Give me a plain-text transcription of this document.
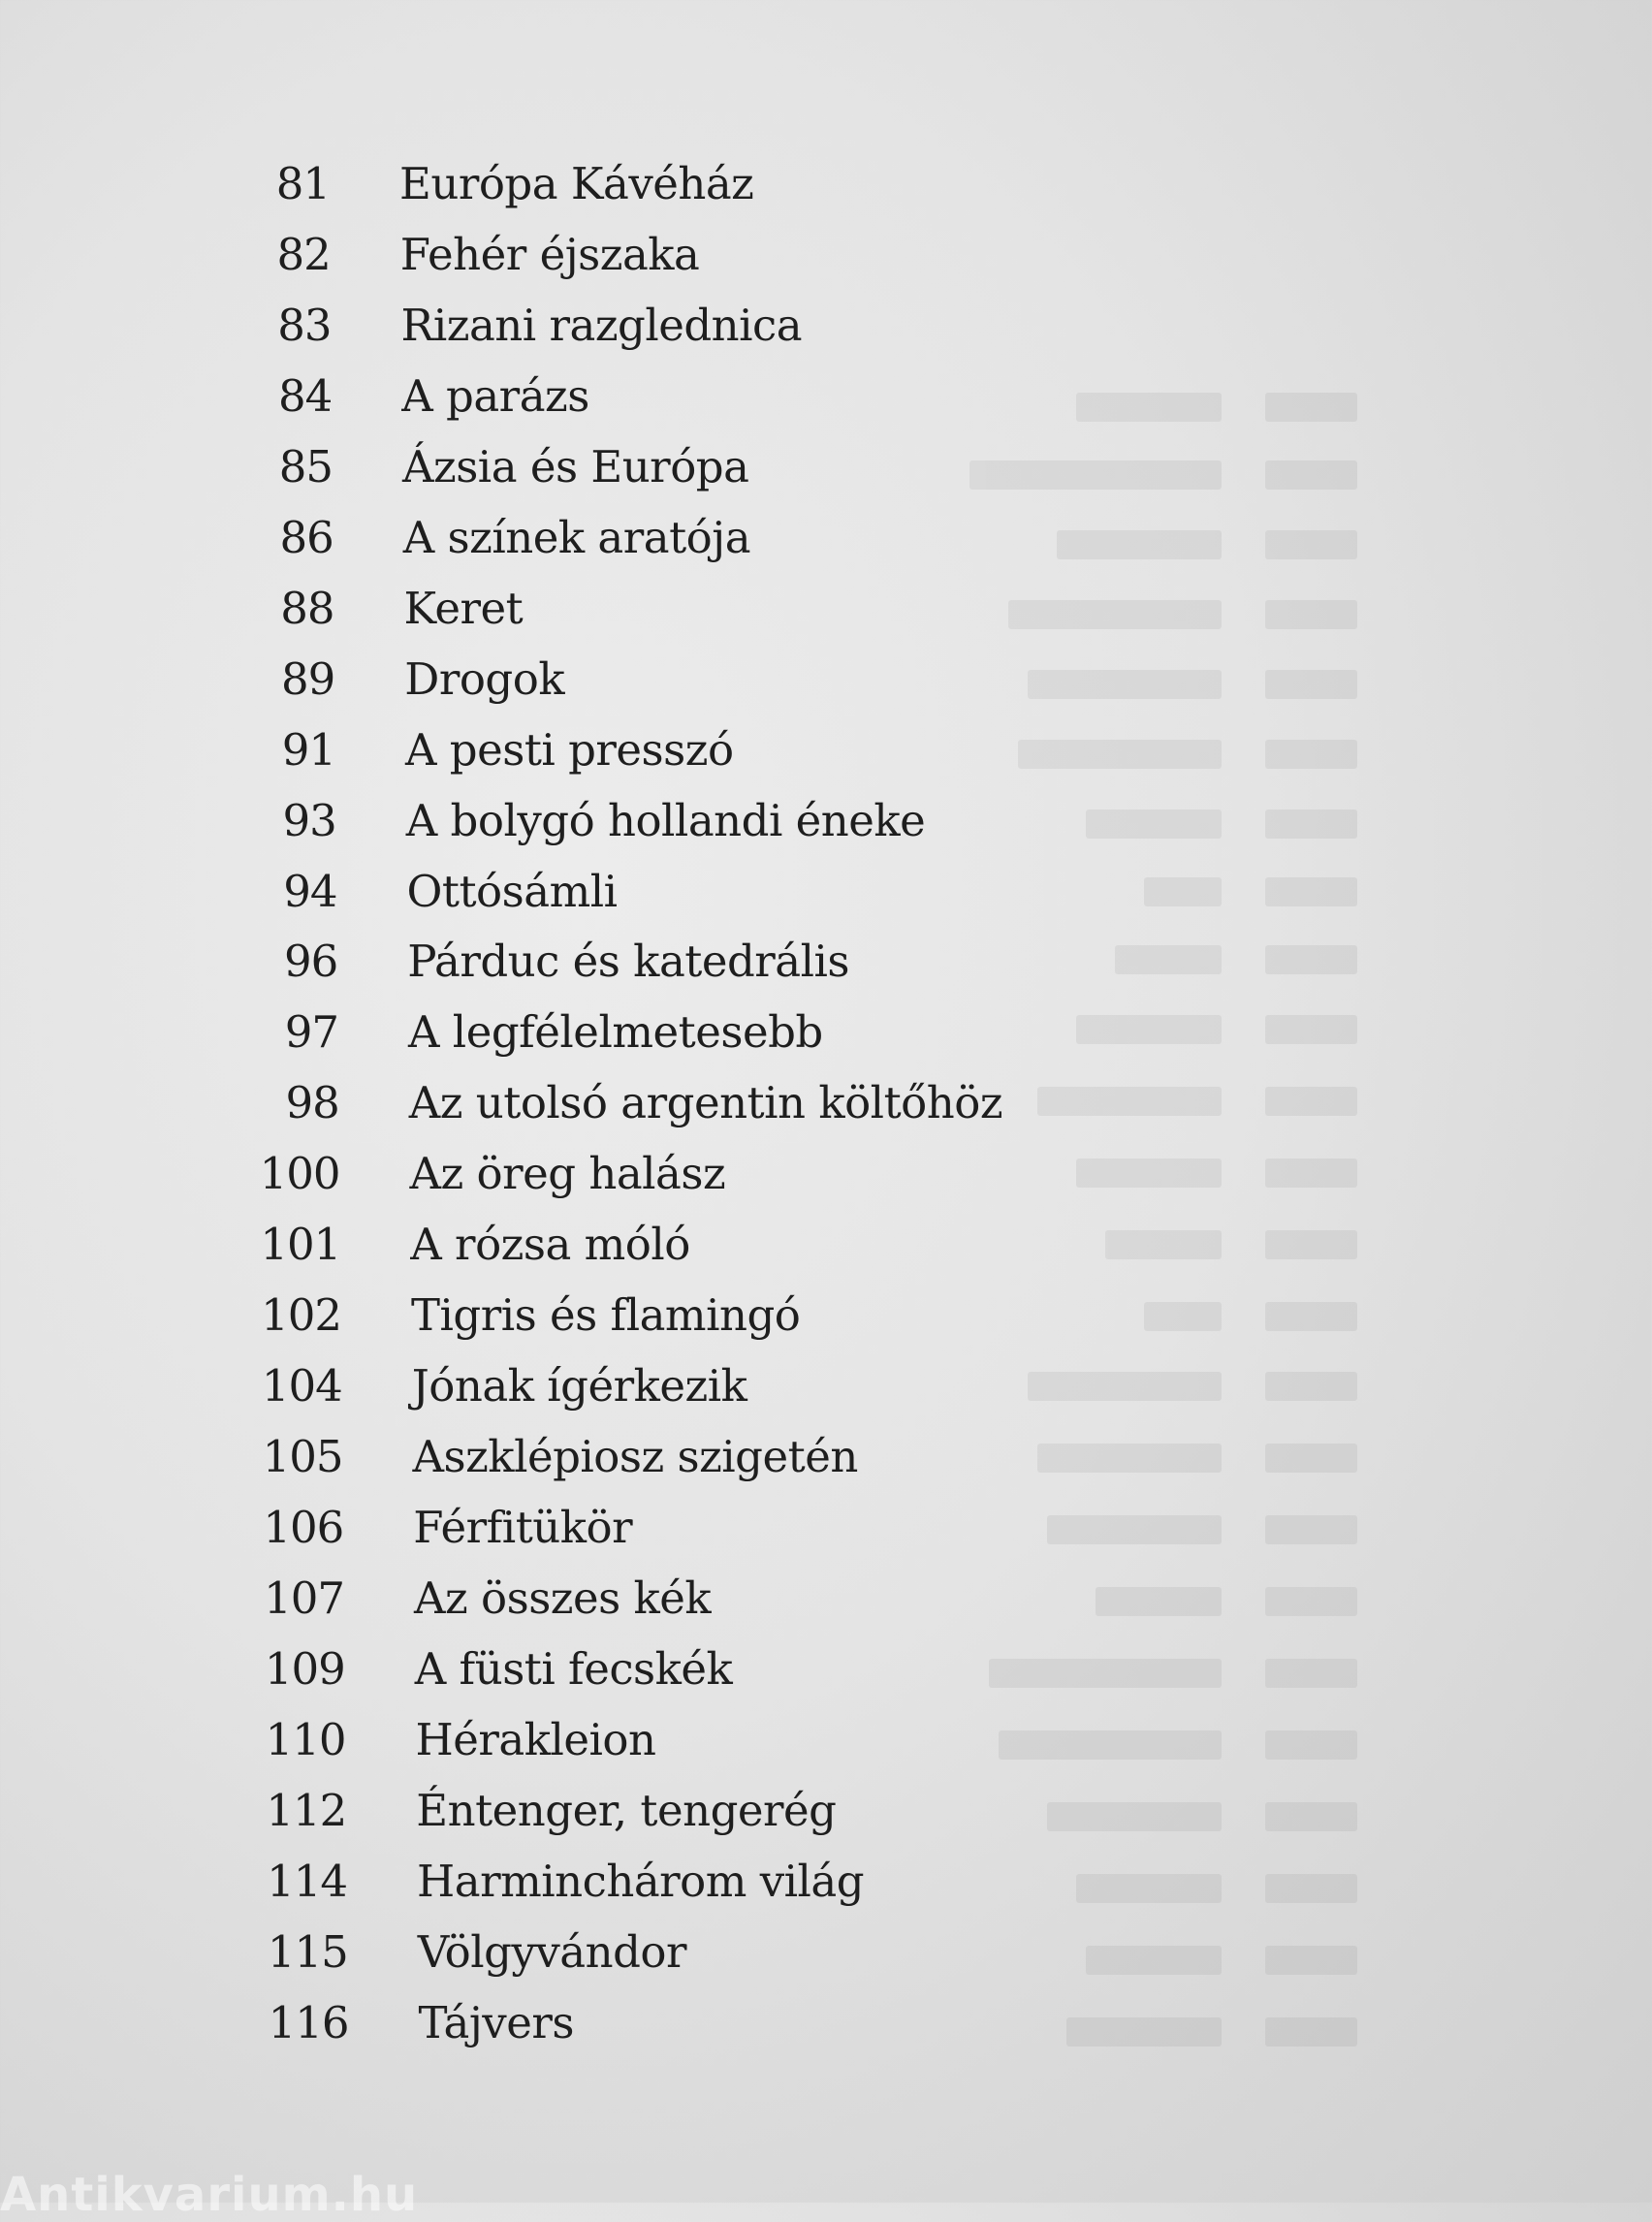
81 Európa Kávéház
82 Fehér éjszaka
83 Rizani razglednica
84 A parázs
85 Ázsia és Európa
86 A színek aratója
88 Keret
89 Drogok
91 A pesti presszó
93 A bolygó hollandi éneke
94 Ottósámli
96 Párduc és katedrális
97 A legfélelmetesebb
98 Az utolsó argentin költőhöz
100 Az öreg halász
101 A rózsa móló
102 Tigris és flamingó
104 Jónak ígérkezik
105 Aszklépiosz szigetén
106 Férfitükör
107 Az összes kék
109 A füsti fecskék
110 Hérakleion
112 Éntenger, tengerég
114 Harminchárom világ
115 Völgyvándor
116 Tájvers
Antikvarium.hu
